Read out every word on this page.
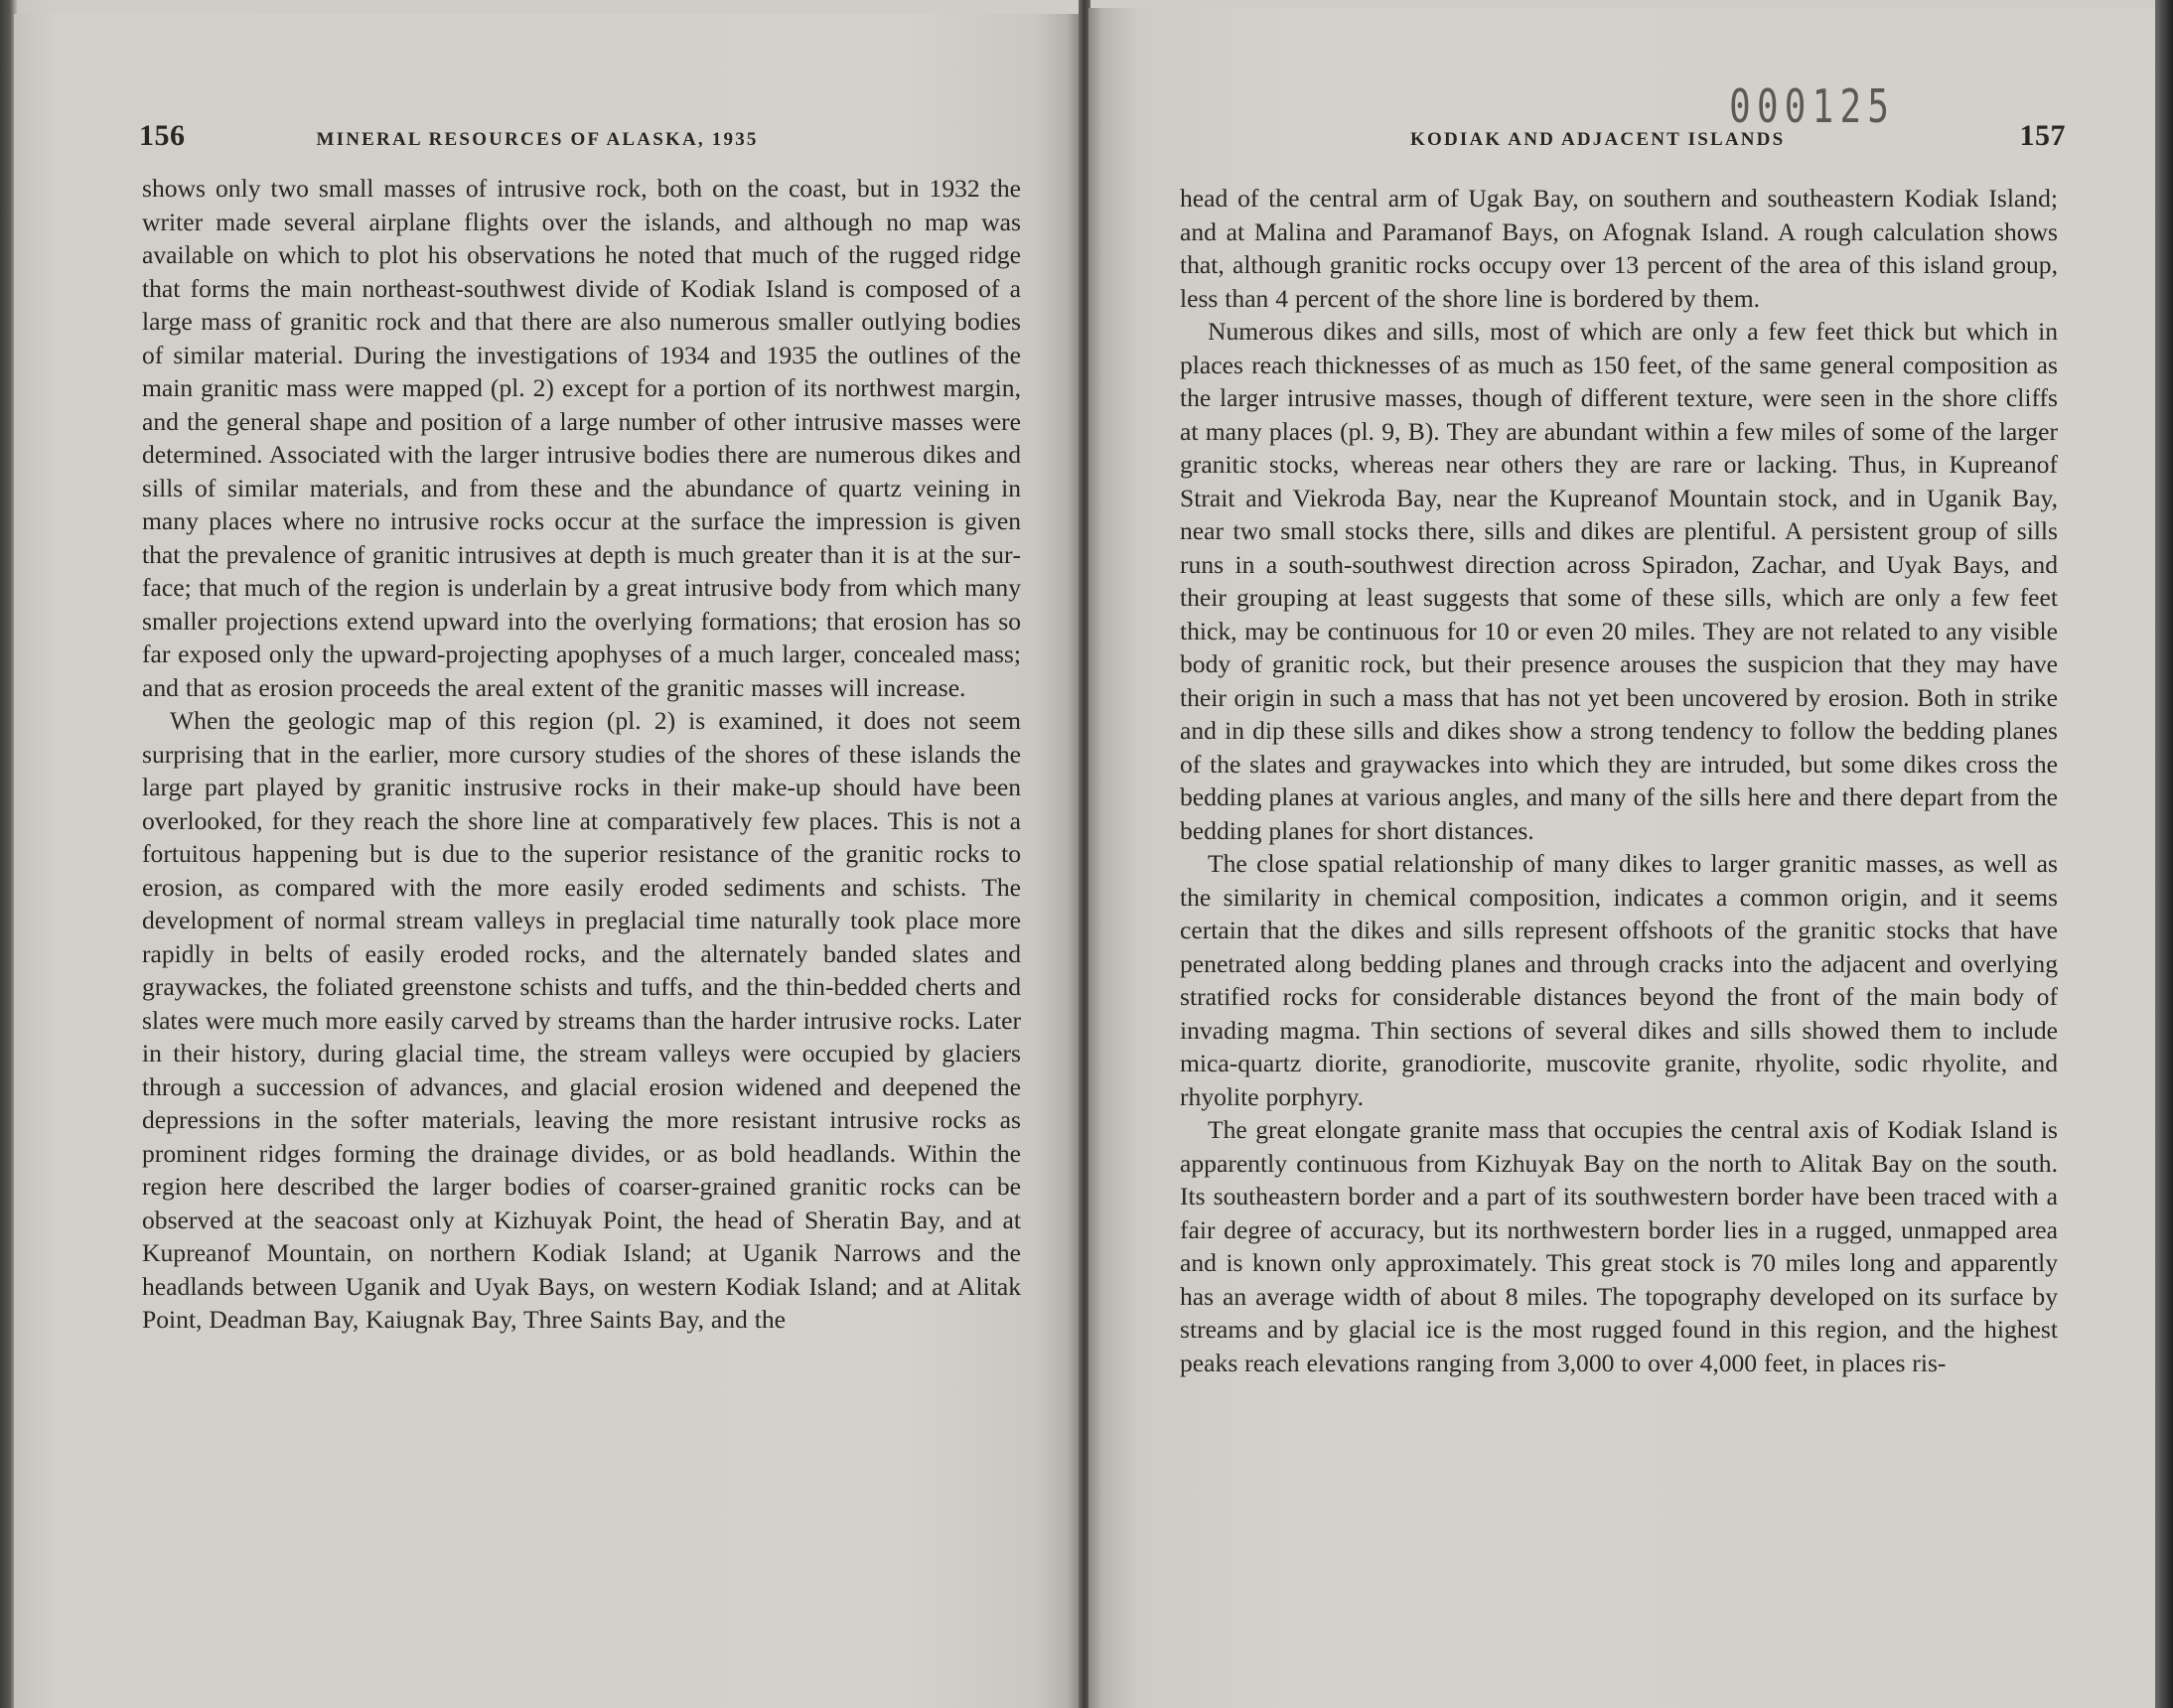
156	MINERAL RESOURCES OF ALASKA, 1935

shows only two small masses of intrusive rock, both on the coast, but in 1932 the writer made several airplane flights over the islands, and although no map was available on which to plot his observations he noted that much of the rugged ridge that forms the main northeast-southwest divide of Kodiak Island is composed of a large mass of granitic rock and that there are also numerous smaller outlying bodies of similar material. During the investigations of 1934 and 1935 the outlines of the main granitic mass were mapped (pl. 2) except for a portion of its northwest margin, and the general shape and position of a large number of other intrusive masses were determined. Associated with the larger intrusive bodies there are numerous dikes and sills of similar materials, and from these and the abundance of quartz veining in many places where no intrusive rocks occur at the surface the impression is given that the prevalence of granitic intrusives at depth is much greater than it is at the surface; that much of the region is underlain by a great intrusive body from which many smaller projections extend upward into the overlying formations; that erosion has so far exposed only the upward-projecting apophyses of a much larger, concealed mass; and that as erosion proceeds the areal extent of the granitic masses will increase.

When the geologic map of this region (pl. 2) is examined, it does not seem surprising that in the earlier, more cursory studies of the shores of these islands the large part played by granitic instrusive rocks in their make-up should have been overlooked, for they reach the shore line at comparatively few places. This is not a fortuitous happening but is due to the superior resistance of the granitic rocks to erosion, as compared with the more easily eroded sediments and schists. The development of normal stream valleys in preglacial time naturally took place more rapidly in belts of easily eroded rocks, and the alternately banded slates and graywackes, the foliated greenstone schists and tuffs, and the thin-bedded cherts and slates were much more easily carved by streams than the harder intrusive rocks. Later in their history, during glacial time, the stream valleys were occupied by glaciers through a succession of advances, and glacial erosion widened and deepened the depressions in the softer materials, leaving the more resistant intrusive rocks as prominent ridges forming the drainage divides, or as bold headlands. Within the region here described the larger bodies of coarser-grained granitic rocks can be observed at the seacoast only at Kizhuyak Point, the head of Sheratin Bay, and at Kupreanof Mountain, on northern Kodiak Island; at Uganik Narrows and the headlands between Uganik and Uyak Bays, on western Kodiak Island; and at Alitak Point, Deadman Bay, Kaiugnak Bay, Three Saints Bay, and the

000125
KODIAK AND ADJACENT ISLANDS	157

head of the central arm of Ugak Bay, on southern and southeastern Kodiak Island; and at Malina and Paramanof Bays, on Afognak Island. A rough calculation shows that, although granitic rocks occupy over 13 percent of the area of this island group, less than 4 percent of the shore line is bordered by them.

Numerous dikes and sills, most of which are only a few feet thick but which in places reach thicknesses of as much as 150 feet, of the same general composition as the larger intrusive masses, though of different texture, were seen in the shore cliffs at many places (pl. 9, B). They are abundant within a few miles of some of the larger granitic stocks, whereas near others they are rare or lacking. Thus, in Kupreanof Strait and Viekroda Bay, near the Kupreanof Mountain stock, and in Uganik Bay, near two small stocks there, sills and dikes are plentiful. A persistent group of sills runs in a south-southwest direction across Spiradon, Zachar, and Uyak Bays, and their grouping at least suggests that some of these sills, which are only a few feet thick, may be continuous for 10 or even 20 miles. They are not related to any visible body of granitic rock, but their presence arouses the suspicion that they may have their origin in such a mass that has not yet been uncovered by erosion. Both in strike and in dip these sills and dikes show a strong tendency to follow the bedding planes of the slates and graywackes into which they are intruded, but some dikes cross the bedding planes at various angles, and many of the sills here and there depart from the bedding planes for short distances.

The close spatial relationship of many dikes to larger granitic masses, as well as the similarity in chemical composition, indicates a common origin, and it seems certain that the dikes and sills represent offshoots of the granitic stocks that have penetrated along bedding planes and through cracks into the adjacent and overlying stratified rocks for considerable distances beyond the front of the main body of invading magma. Thin sections of several dikes and sills showed them to include mica-quartz diorite, granodiorite, muscovite granite, rhyolite, sodic rhyolite, and rhyolite porphyry.

The great elongate granite mass that occupies the central axis of Kodiak Island is apparently continuous from Kizhuyak Bay on the north to Alitak Bay on the south. Its southeastern border and a part of its southwestern border have been traced with a fair degree of accuracy, but its northwestern border lies in a rugged, unmapped area and is known only approximately. This great stock is 70 miles long and apparently has an average width of about 8 miles. The topography developed on its surface by streams and by glacial ice is the most rugged found in this region, and the highest peaks reach elevations ranging from 3,000 to over 4,000 feet, in places ris-
